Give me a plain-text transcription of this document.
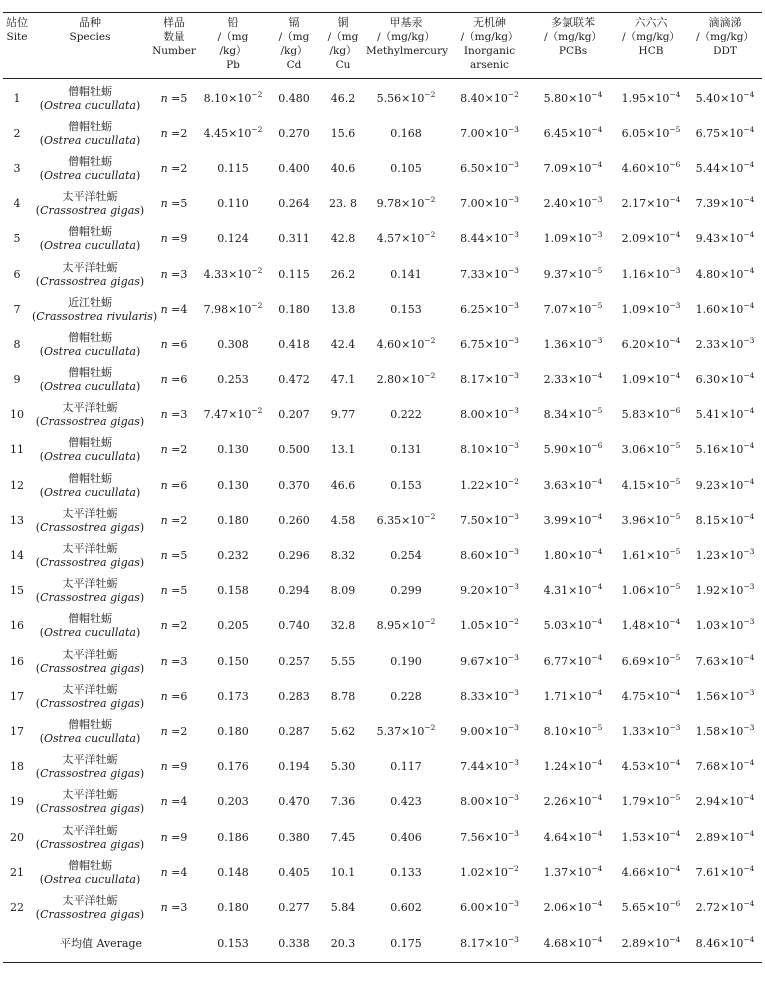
站位
Site	品种
Species	样品
数量
Number	铅
/（mg
/kg）
Pb	镉
/（mg
/kg）
Cd	铜
/（mg
/kg）
Cu	甲基汞
/（mg/kg）
Methylmercury	无机砷
/（mg/kg）
Inorganic
arsenic	多氯联苯
/（mg/kg）
PCBs	六六六
/（mg/kg）
HCB	滴滴涕
/（mg/kg）
DDT

1	僧帽牡蛎
(Ostrea cucullata)	n =5	$8.10\times 10^{-2}$	0.480	46.2	$5.56\times 10^{-2}$	$8.40\times 10^{-2}$	$5.80\times 10^{-4}$	$1.95\times 10^{-4}$	$5.40\times 10^{-4}$
2	僧帽牡蛎
(Ostrea cucullata)	n =2	$4.45\times 10^{-2}$	0.270	15.6	0.168	$7.00\times 10^{-3}$	$6.45\times 10^{-4}$	$6.05\times 10^{-5}$	$6.75\times 10^{-4}$
3	僧帽牡蛎
(Ostrea cucullata)	n =2	0.115	0.400	40.6	0.105	$6.50\times 10^{-3}$	$7.09\times 10^{-4}$	$4.60\times 10^{-6}$	$5.44\times 10^{-4}$
4	太平洋牡蛎
(Crassostrea gigas)	n =5	0.110	0.264	23. 8	$9.78\times 10^{-2}$	$7.00\times 10^{-3}$	$2.40\times 10^{-3}$	$2.17\times 10^{-4}$	$7.39\times 10^{-4}$
5	僧帽牡蛎
(Ostrea cucullata)	n =9	0.124	0.311	42.8	$4.57\times 10^{-2}$	$8.44\times 10^{-3}$	$1.09\times 10^{-3}$	$2.09\times 10^{-4}$	$9.43\times 10^{-4}$
6	太平洋牡蛎
(Crassostrea gigas)	n =3	$4.33\times 10^{-2}$	0.115	26.2	0.141	$7.33\times 10^{-3}$	$9.37\times 10^{-5}$	$1.16\times 10^{-3}$	$4.80\times 10^{-4}$
7	近江牡蛎
(Crassostrea rivularis)	n =4	$7.98\times 10^{-2}$	0.180	13.8	0.153	$6.25\times 10^{-3}$	$7.07\times 10^{-5}$	$1.09\times 10^{-3}$	$1.60\times 10^{-4}$
8	僧帽牡蛎
(Ostrea cucullata)	n =6	0.308	0.418	42.4	$4.60\times 10^{-2}$	$6.75\times 10^{-3}$	$1.36\times 10^{-3}$	$6.20\times 10^{-4}$	$2.33\times 10^{-3}$
9	僧帽牡蛎
(Ostrea cucullata)	n =6	0.253	0.472	47.1	$2.80\times 10^{-2}$	$8.17\times 10^{-3}$	$2.33\times 10^{-4}$	$1.09\times 10^{-4}$	$6.30\times 10^{-4}$
10	太平洋牡蛎
(Crassostrea gigas)	n =3	$7.47\times 10^{-2}$	0.207	9.77	0.222	$8.00\times 10^{-3}$	$8.34\times 10^{-5}$	$5.83\times 10^{-6}$	$5.41\times 10^{-4}$
11	僧帽牡蛎
(Ostrea cucullata)	n =2	0.130	0.500	13.1	0.131	$8.10\times 10^{-3}$	$5.90\times 10^{-6}$	$3.06\times 10^{-5}$	$5.16\times 10^{-4}$
12	僧帽牡蛎
(Ostrea cucullata)	n =6	0.130	0.370	46.6	0.153	$1.22\times 10^{-2}$	$3.63\times 10^{-4}$	$4.15\times 10^{-5}$	$9.23\times 10^{-4}$
13	太平洋牡蛎
(Crassostrea gigas)	n =2	0.180	0.260	4.58	$6.35\times 10^{-2}$	$7.50\times 10^{-3}$	$3.99\times 10^{-4}$	$3.96\times 10^{-5}$	$8.15\times 10^{-4}$
14	太平洋牡蛎
(Crassostrea gigas)	n =5	0.232	0.296	8.32	0.254	$8.60\times 10^{-3}$	$1.80\times 10^{-4}$	$1.61\times 10^{-5}$	$1.23\times 10^{-3}$
15	太平洋牡蛎
(Crassostrea gigas)	n =5	0.158	0.294	8.09	0.299	$9.20\times 10^{-3}$	$4.31\times 10^{-4}$	$1.06\times 10^{-5}$	$1.92\times 10^{-3}$
16	僧帽牡蛎
(Ostrea cucullata)	n =2	0.205	0.740	32.8	$8.95\times 10^{-2}$	$1.05\times 10^{-2}$	$5.03\times 10^{-4}$	$1.48\times 10^{-4}$	$1.03\times 10^{-3}$
16	太平洋牡蛎
(Crassostrea gigas)	n =3	0.150	0.257	5.55	0.190	$9.67\times 10^{-3}$	$6.77\times 10^{-4}$	$6.69\times 10^{-5}$	$7.63\times 10^{-4}$
17	太平洋牡蛎
(Crassostrea gigas)	n =6	0.173	0.283	8.78	0.228	$8.33\times 10^{-3}$	$1.71\times 10^{-4}$	$4.75\times 10^{-4}$	$1.56\times 10^{-3}$
17	僧帽牡蛎
(Ostrea cucullata)	n =2	0.180	0.287	5.62	$5.37\times 10^{-2}$	$9.00\times 10^{-3}$	$8.10\times 10^{-5}$	$1.33\times 10^{-3}$	$1.58\times 10^{-3}$
18	太平洋牡蛎
(Crassostrea gigas)	n =9	0.176	0.194	5.30	0.117	$7.44\times 10^{-3}$	$1.24\times 10^{-4}$	$4.53\times 10^{-4}$	$7.68\times 10^{-4}$
19	太平洋牡蛎
(Crassostrea gigas)	n =4	0.203	0.470	7.36	0.423	$8.00\times 10^{-3}$	$2.26\times 10^{-4}$	$1.79\times 10^{-5}$	$2.94\times 10^{-4}$
20	太平洋牡蛎
(Crassostrea gigas)	n =9	0.186	0.380	7.45	0.406	$7.56\times 10^{-3}$	$4.64\times 10^{-4}$	$1.53\times 10^{-4}$	$2.89\times 10^{-4}$
21	僧帽牡蛎
(Ostrea cucullata)	n =4	0.148	0.405	10.1	0.133	$1.02\times 10^{-2}$	$1.37\times 10^{-4}$	$4.66\times 10^{-4}$	$7.61\times 10^{-4}$
22	太平洋牡蛎
(Crassostrea gigas)	n =3	0.180	0.277	5.84	0.602	$6.00\times 10^{-3}$	$2.06\times 10^{-4}$	$5.65\times 10^{-6}$	$2.72\times 10^{-4}$
平均值 Average			0.153	0.338	20.3	0.175	$8.17\times 10^{-3}$	$4.68\times 10^{-4}$	$2.89\times 10^{-4}$	$8.46\times 10^{-4}$
